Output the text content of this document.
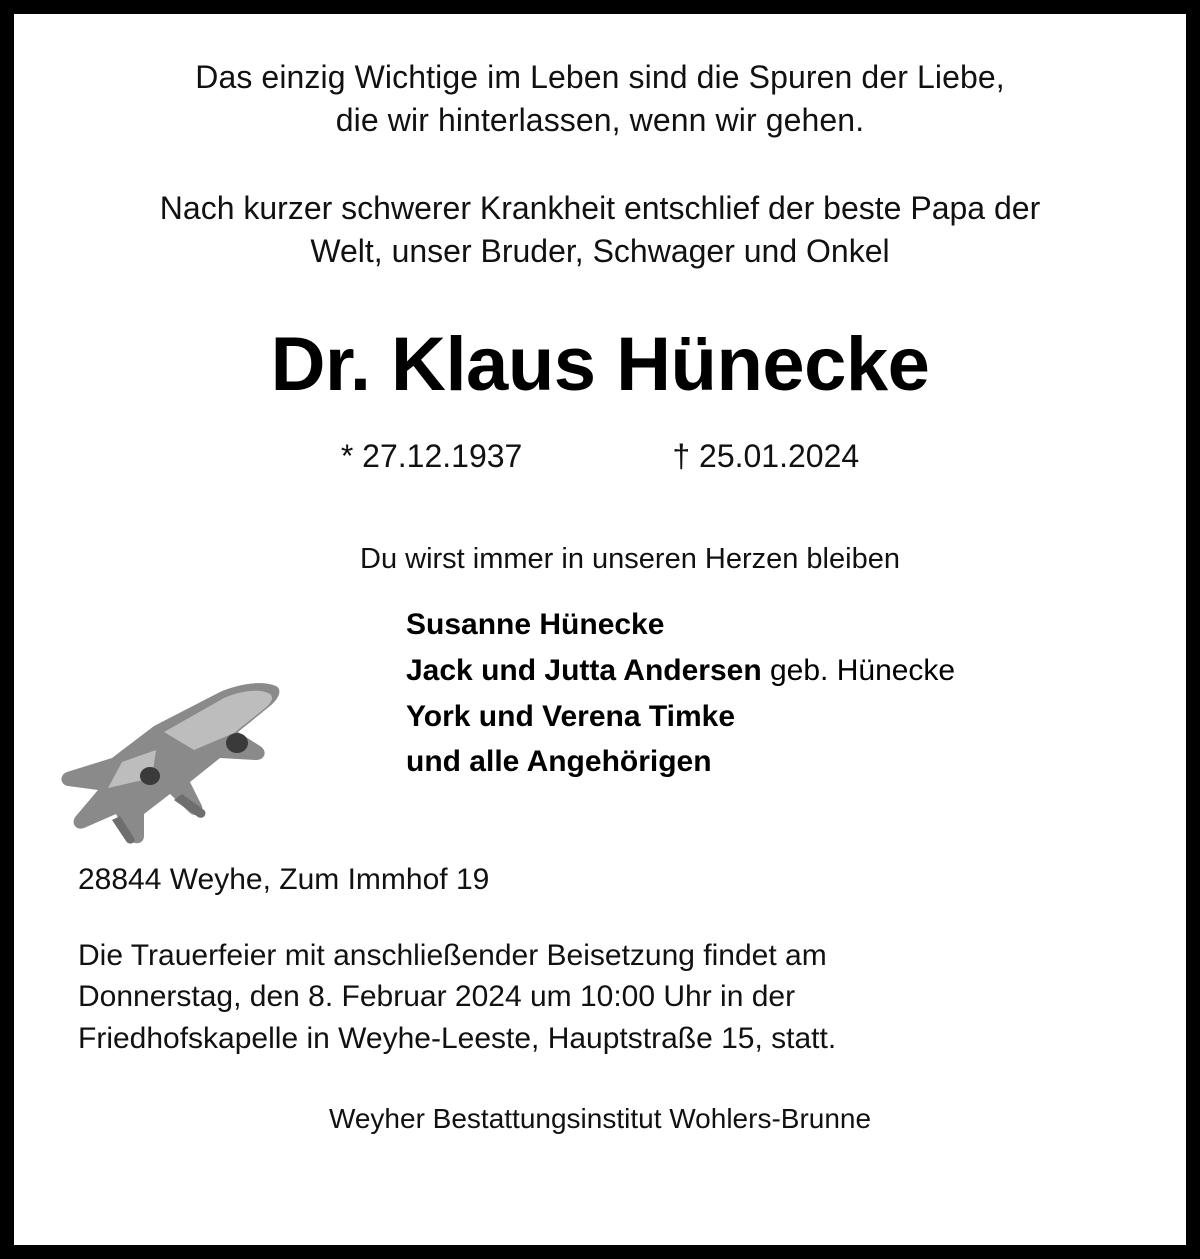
Das einzig Wichtige im Leben sind die Spuren der Liebe,
die wir hinterlassen, wenn wir gehen.
Nach kurzer schwerer Krankheit entschlief der beste Papa der
Welt, unser Bruder, Schwager und Onkel
Dr. Klaus Hünecke
* 27.12.1937	† 25.01.2024
Du wirst immer in unseren Herzen bleiben
Susanne Hünecke
Jack und Jutta Andersen geb. Hünecke
York und Verena Timke
und alle Angehörigen
28844 Weyhe, Zum Immhof 19
Die Trauerfeier mit anschließender Beisetzung findet am
Donnerstag, den 8. Februar 2024 um 10:00 Uhr in der
Friedhofskapelle in Weyhe-Leeste, Hauptstraße 15, statt.
Weyher Bestattungsinstitut Wohlers-Brunne
